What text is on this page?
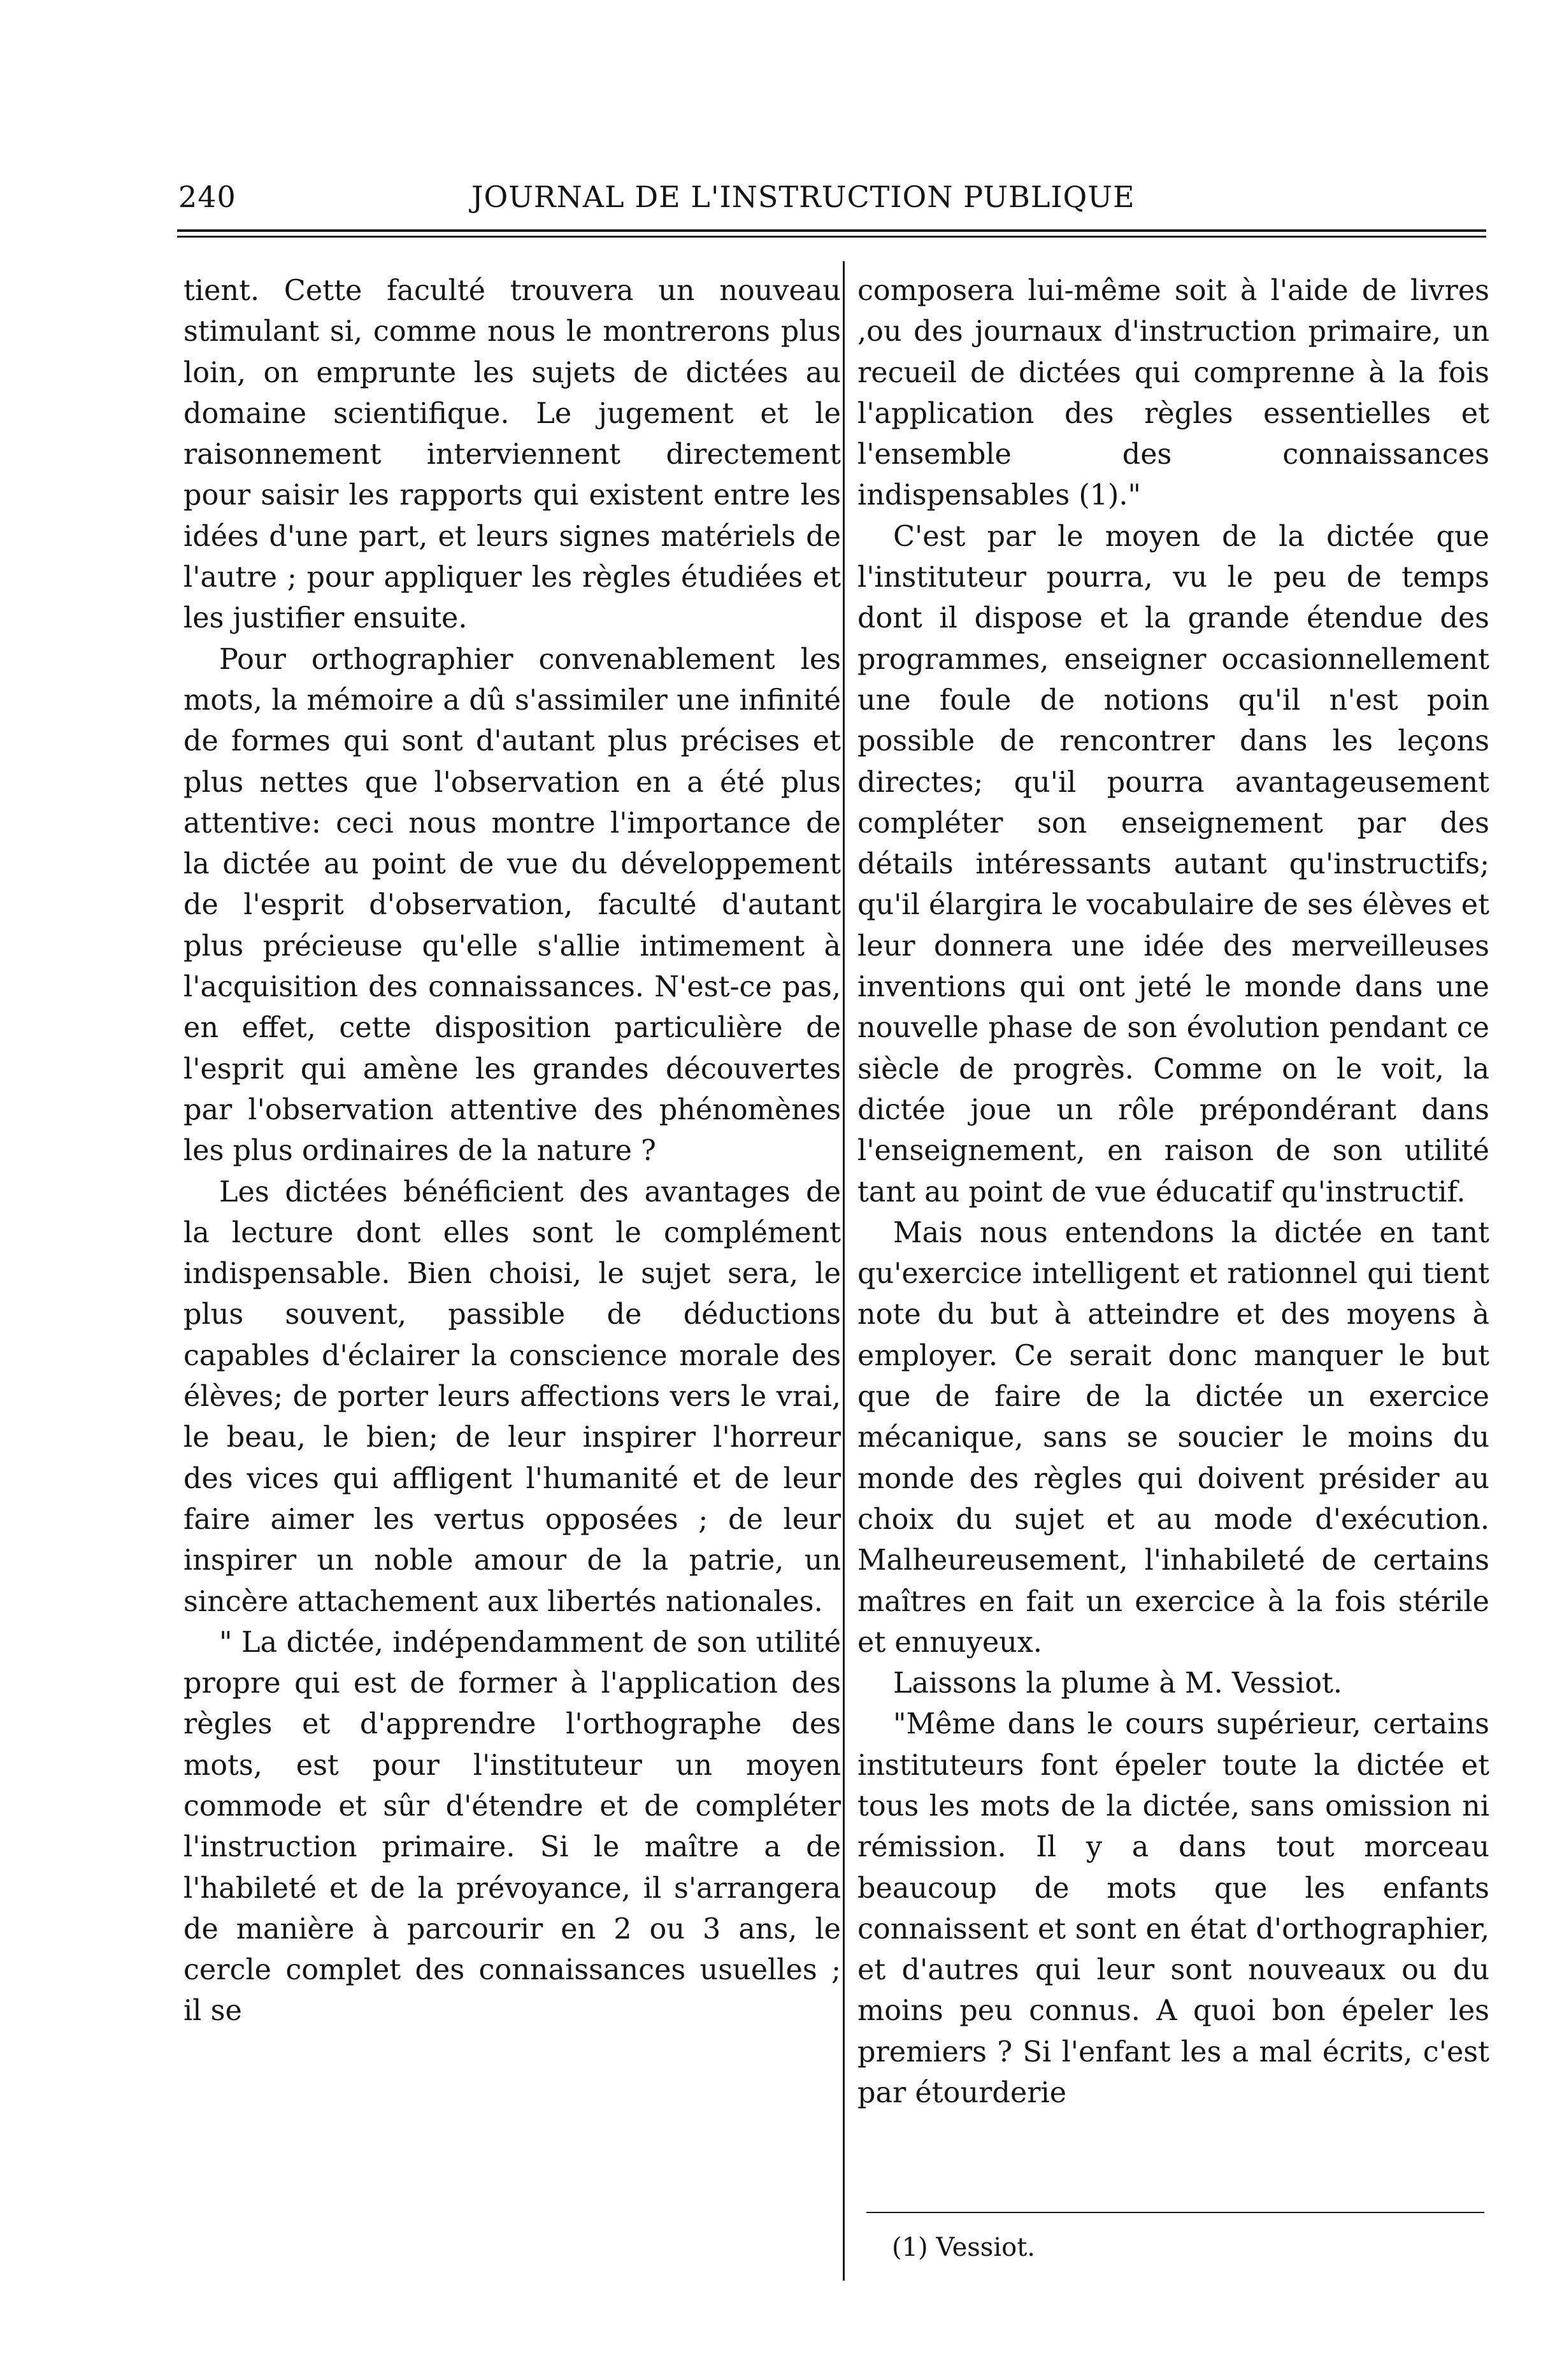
240	JOURNAL DE L'INSTRUCTION PUBLIQUE

tient. Cette faculté trouvera un nouveau stimulant si, comme nous le montrerons plus loin, on emprunte les sujets de dictées au domaine scientifique. Le jugement et le raisonnement interviennent directement pour saisir les rapports qui existent entre les idées d'une part, et leurs signes matériels de l'autre ; pour appliquer les règles étudiées et les justifier ensuite.

Pour orthographier convenablement les mots, la mémoire a dû s'assimiler une infinité de formes qui sont d'autant plus précises et plus nettes que l'observation en a été plus attentive: ceci nous montre l'importance de la dictée au point de vue du développement de l'esprit d'observation, faculté d'autant plus précieuse qu'elle s'allie intimement à l'acquisition des connaissances. N'est-ce pas, en effet, cette disposition particulière de l'esprit qui amène les grandes découvertes par l'observation attentive des phénomènes les plus ordinaires de la nature ?

Les dictées bénéficient des avantages de la lecture dont elles sont le complément indispensable. Bien choisi, le sujet sera, le plus souvent, passible de déductions capables d'éclairer la conscience morale des élèves; de porter leurs affections vers le vrai, le beau, le bien; de leur inspirer l'horreur des vices qui affligent l'humanité et de leur faire aimer les vertus opposées ; de leur inspirer un noble amour de la patrie, un sincère attachement aux libertés nationales.

" La dictée, indépendamment de son utilité propre qui est de former à l'application des règles et d'apprendre l'orthographe des mots, est pour l'instituteur un moyen commode et sûr d'étendre et de compléter l'instruction primaire. Si le maître a de l'habileté et de la prévoyance, il s'arrangera de manière à parcourir en 2 ou 3 ans, le cercle complet des connaissances usuelles ; il se

composera lui-même soit à l'aide de livres ,ou des journaux d'instruction primaire, un recueil de dictées qui comprenne à la fois l'application des règles essentielles et l'ensemble des connaissances indispensables (1)."

C'est par le moyen de la dictée que l'instituteur pourra, vu le peu de temps dont il dispose et la grande étendue des programmes, enseigner occasionnellement une foule de notions qu'il n'est poin possible de rencontrer dans les leçons directes; qu'il pourra avantageusement compléter son enseignement par des détails intéressants autant qu'instructifs; qu'il élargira le vocabulaire de ses élèves et leur donnera une idée des merveilleuses inventions qui ont jeté le monde dans une nouvelle phase de son évolution pendant ce siècle de progrès. Comme on le voit, la dictée joue un rôle prépondérant dans l'enseignement, en raison de son utilité tant au point de vue éducatif qu'instructif.

Mais nous entendons la dictée en tant qu'exercice intelligent et rationnel qui tient note du but à atteindre et des moyens à employer. Ce serait donc manquer le but que de faire de la dictée un exercice mécanique, sans se soucier le moins du monde des règles qui doivent présider au choix du sujet et au mode d'exécution. Malheureusement, l'inhabileté de certains maîtres en fait un exercice à la fois stérile et ennuyeux.

Laissons la plume à M. Vessiot.

"Même dans le cours supérieur, certains instituteurs font épeler toute la dictée et tous les mots de la dictée, sans omission ni rémission. Il y a dans tout morceau beaucoup de mots que les enfants connaissent et sont en état d'orthographier, et d'autres qui leur sont nouveaux ou du moins peu connus. A quoi bon épeler les premiers ? Si l'enfant les a mal écrits, c'est par étourderie

(1) Vessiot.
